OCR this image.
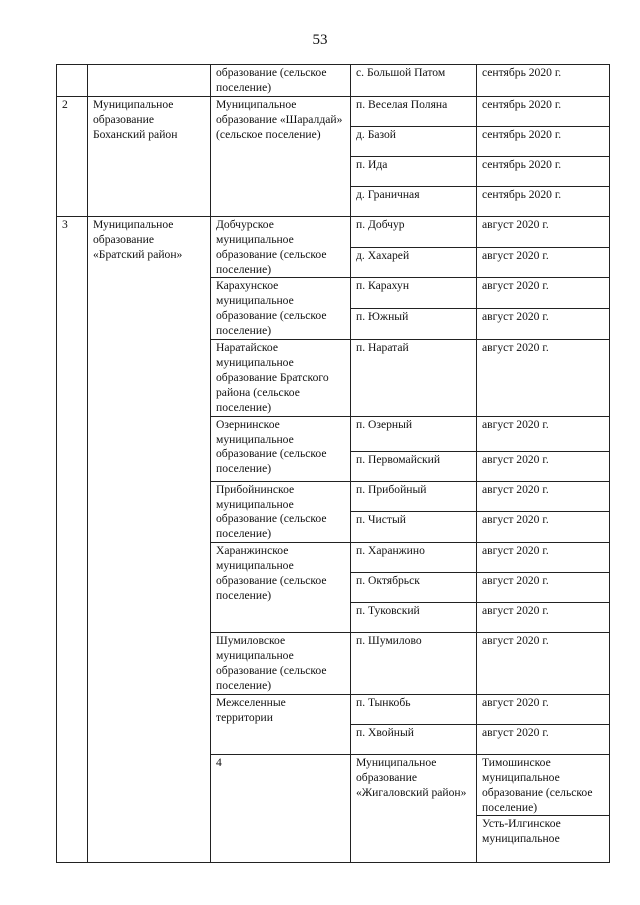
53
		образование (сельское поселение)	с. Большой Патом	сентябрь 2020 г.	
2	Муниципальное образование Боханский район	Муниципальное образование «Шаралдай» (сельское поселение)	п. Веселая Поляна	сентябрь 2020 г.	
			д. Базой	сентябрь 2020 г.	
			п. Ида	сентябрь 2020 г.	
			д. Граничная	сентябрь 2020 г.	
3	Муниципальное образование «Братский район»	Добчурское муниципальное образование (сельское поселение)	п. Добчур	август 2020 г.	
			д. Хахарей	август 2020 г.	
		Карахунское муниципальное образование (сельское поселение)	п. Карахун	август 2020 г.	
			п. Южный	август 2020 г.	
		Наратайское муниципальное образование Братского района (сельское поселение)	п. Наратай	август 2020 г.	
		Озернинское муниципальное образование (сельское поселение)	п. Озерный	август 2020 г.	
			п. Первомайский	август 2020 г.	
		Прибойнинское муниципальное образование (сельское поселение)	п. Прибойный	август 2020 г.	
			п. Чистый	август 2020 г.	
		Харанжинское муниципальное образование (сельское поселение)	п. Харанжино	август 2020 г.	
			п. Октябрьск	август 2020 г.	
			п. Туковский	август 2020 г.	
		Шумиловское муниципальное образование (сельское поселение)	п. Шумилово	август 2020 г.	
		Межселенные территории	п. Тынкобь	август 2020 г.	
			п. Хвойный	август 2020 г.	
		4	Муниципальное образование «Жигаловский район»	Тимошинское муниципальное образование (сельское поселение)		
				Усть-Илгинское муниципальное		
